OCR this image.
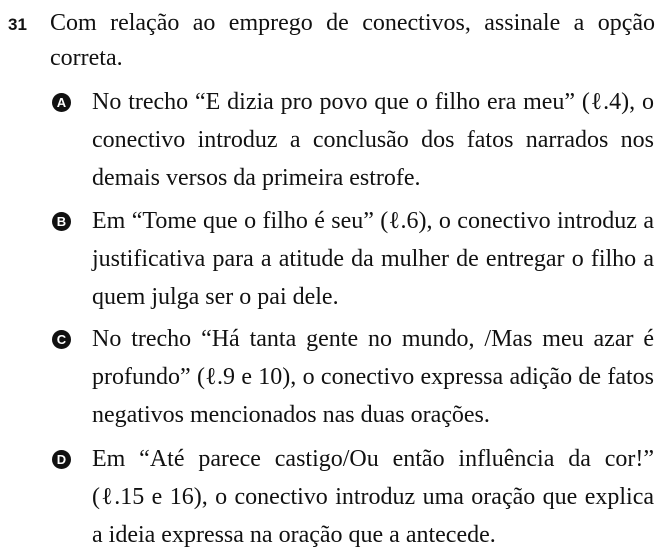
31 Com relação ao emprego de conectivos, assinale a opção correta.
A No trecho “E dizia pro povo que o filho era meu” (ℓ.4), o conectivo introduz a conclusão dos fatos narrados nos demais versos da primeira estrofe.
B Em “Tome que o filho é seu” (ℓ.6), o conectivo introduz a justificativa para a atitude da mulher de entregar o filho a quem julga ser o pai dele.
C No trecho “Há tanta gente no mundo, /Mas meu azar é profundo” (ℓ.9 e 10), o conectivo expressa adição de fatos negativos mencionados nas duas orações.
D Em “Até parece castigo/Ou então influência da cor!” (ℓ.15 e 16), o conectivo introduz uma oração que explica a ideia expressa na oração que a antecede.
